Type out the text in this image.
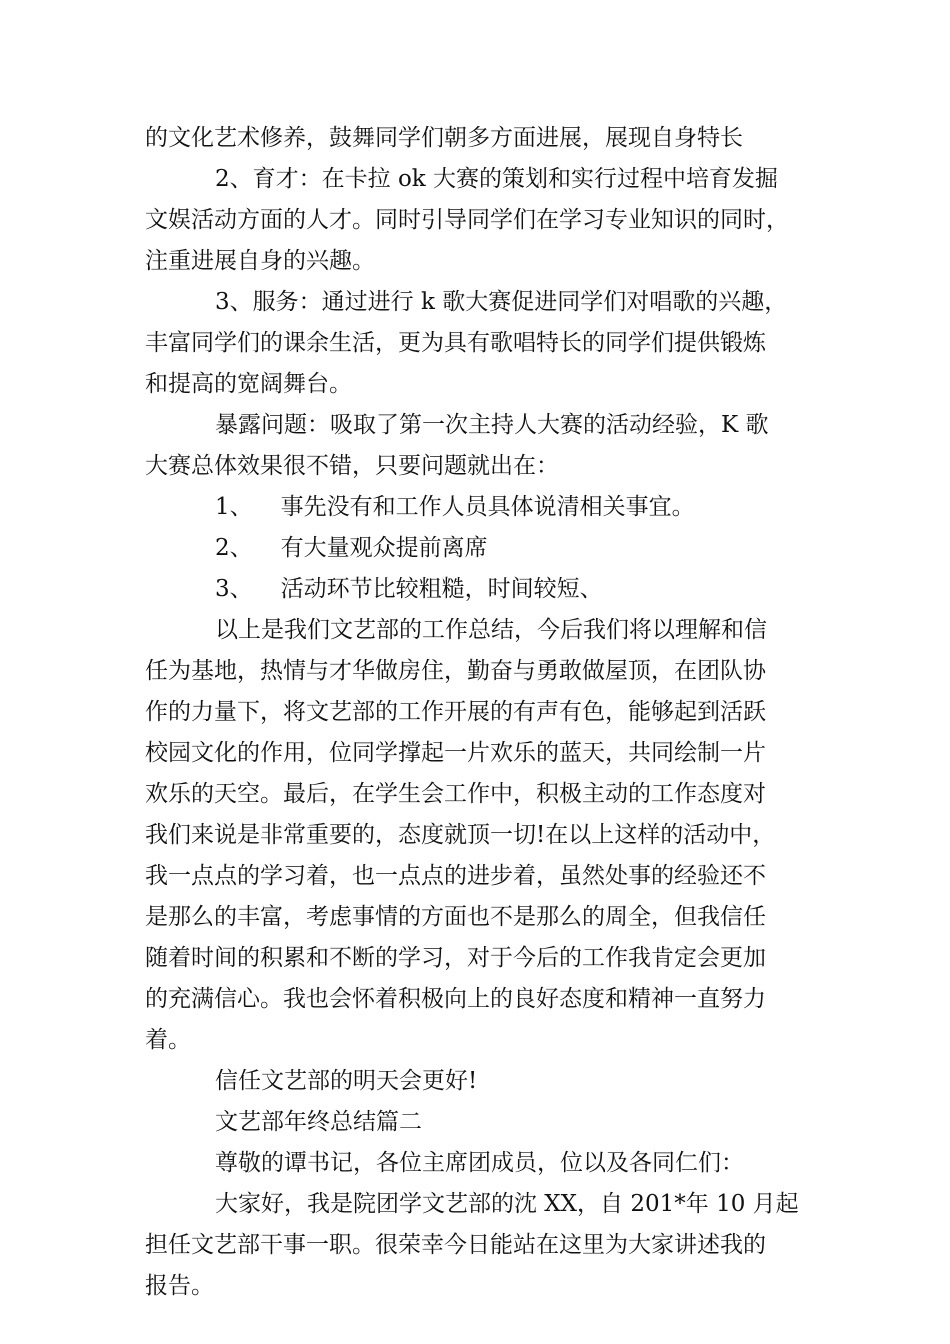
的文化艺术修养，鼓舞同学们朝多方面进展，展现自身特长
2、育才：在卡拉 ok 大赛的策划和实行过程中培育发掘
文娱活动方面的人才。同时引导同学们在学习专业知识的同时，
注重进展自身的兴趣。
3、服务：通过进行 k 歌大赛促进同学们对唱歌的兴趣，
丰富同学们的课余生活，更为具有歌唱特长的同学们提供锻炼
和提高的宽阔舞台。
暴露问题：吸取了第一次主持人大赛的活动经验，K 歌
大赛总体效果很不错，只要问题就出在：
1、 事先没有和工作人员具体说清相关事宜。
2、 有大量观众提前离席
3、 活动环节比较粗糙，时间较短、
以上是我们文艺部的工作总结，今后我们将以理解和信
任为基地，热情与才华做房住，勤奋与勇敢做屋顶，在团队协
作的力量下，将文艺部的工作开展的有声有色，能够起到活跃
校园文化的作用，位同学撑起一片欢乐的蓝天，共同绘制一片
欢乐的天空。最后，在学生会工作中，积极主动的工作态度对
我们来说是非常重要的，态度就顶一切!在以上这样的活动中，
我一点点的学习着，也一点点的进步着，虽然处事的经验还不
是那么的丰富，考虑事情的方面也不是那么的周全，但我信任
随着时间的积累和不断的学习，对于今后的工作我肯定会更加
的充满信心。我也会怀着积极向上的良好态度和精神一直努力
着。
信任文艺部的明天会更好!
文艺部年终总结篇二
尊敬的谭书记，各位主席团成员，位以及各同仁们：
大家好，我是院团学文艺部的沈 XX，自 201*年 10 月起
担任文艺部干事一职。很荣幸今日能站在这里为大家讲述我的
报告。
